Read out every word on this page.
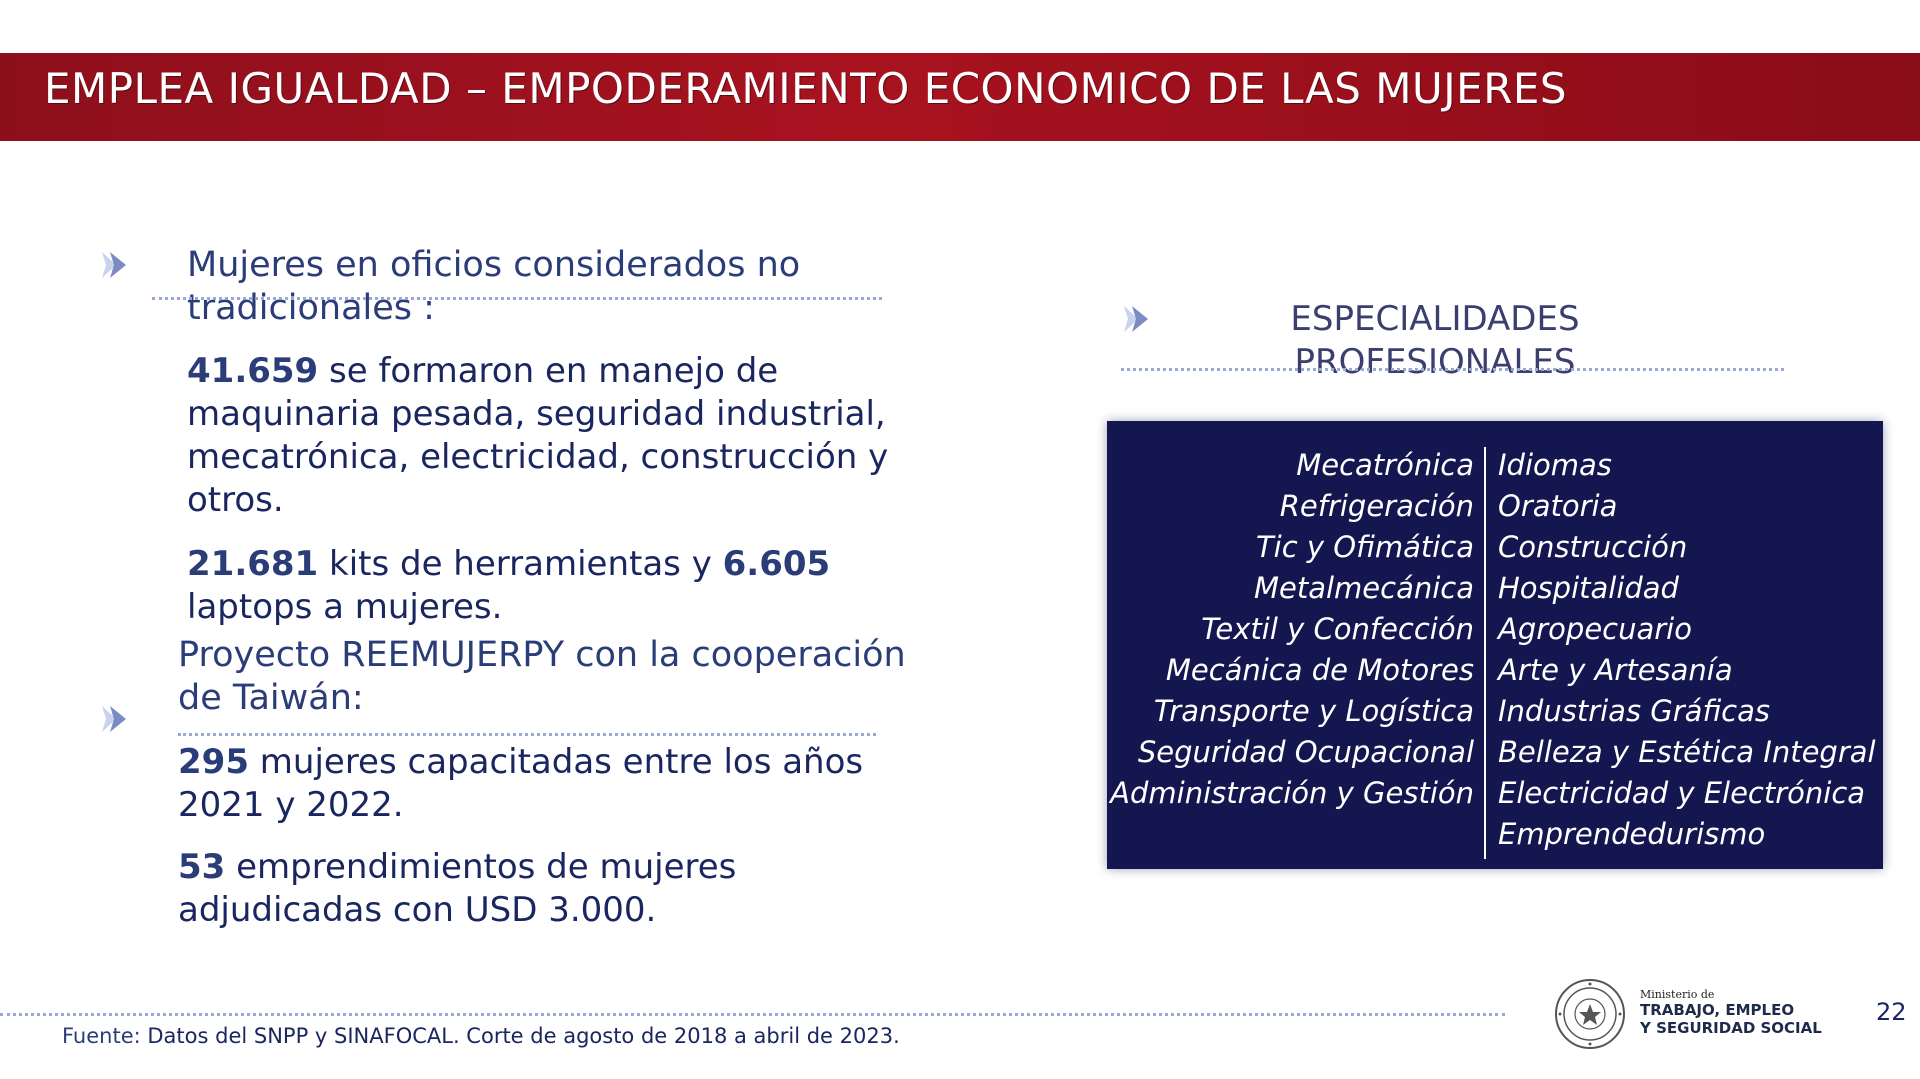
EMPLEA IGUALDAD – EMPODERAMIENTO ECONOMICO DE LAS MUJERES
Mujeres en oficios considerados no
tradicionales :
41.659 se formaron en manejo de
maquinaria pesada, seguridad industrial,
mecatrónica, electricidad, construcción y
otros.
21.681 kits de herramientas y 6.605
laptops a mujeres.
Proyecto REEMUJERPY con la cooperación
de Taiwán:
295 mujeres capacitadas entre los años
2021 y 2022.
53 emprendimientos de mujeres
adjudicadas con USD 3.000.
ESPECIALIDADES
PROFESIONALES
Mecatrónica
Refrigeración
Tic y Ofimática
Metalmecánica
Textil y Confección
Mecánica de Motores
Transporte y Logística
Seguridad Ocupacional
Administración y Gestión
Idiomas
Oratoria
Construcción
Hospitalidad
Agropecuario
Arte y Artesanía
Industrias Gráficas
Belleza y Estética Integral
Electricidad y Electrónica
Emprendedurismo
Fuente: Datos del SNPP y SINAFOCAL. Corte de agosto de 2018 a abril de 2023.
Ministerio de
TRABAJO, EMPLEO
Y SEGURIDAD SOCIAL
22
